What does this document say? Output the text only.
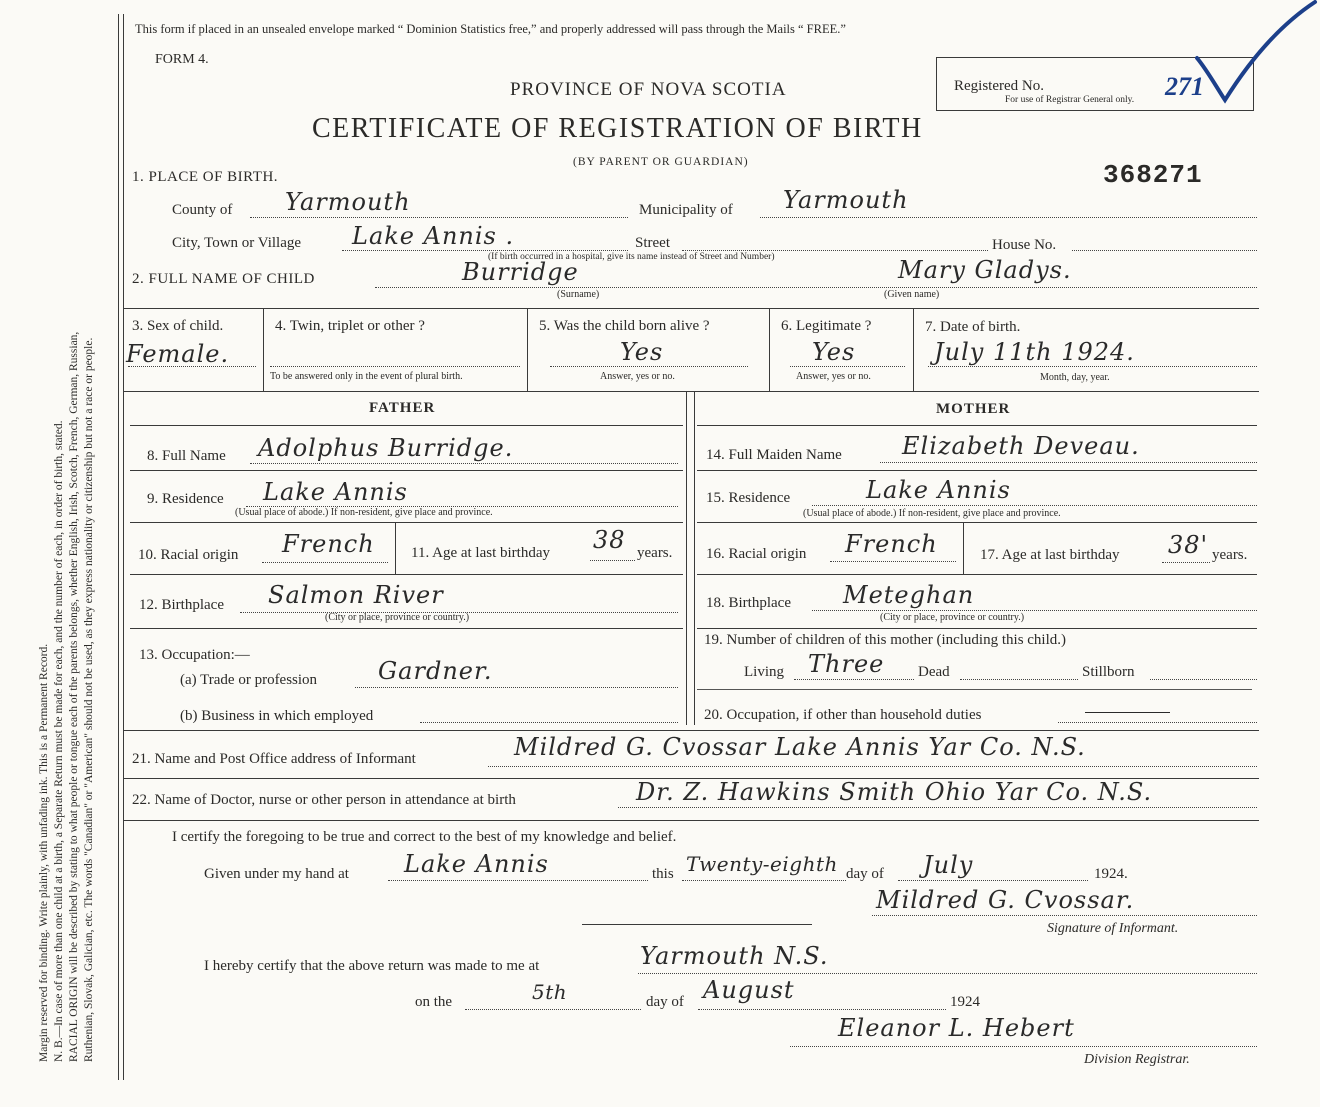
Margin reserved for binding. Write plainly, with unfading ink. This is a Permanent Record. N. B.—In case of more than one child at a birth, a Separate Return must be made for each, and the number of each, in order of birth, stated. RACIAL ORIGIN will be described by stating to what people or tongue each of the parents belongs, whether English, Irish, Scotch, French, German, Russian, Ruthenian, Slovak, Galician, etc. The words "Canadian" or "American" should not be used, as they express nationality or citizenship but not a race or people.
This form if placed in an unsealed envelope marked “ Dominion Statistics free,” and properly addressed will pass through the Mails “ FREE.”
FORM 4.
PROVINCE OF NOVA SCOTIA
CERTIFICATE OF REGISTRATION OF BIRTH
(BY PARENT OR GUARDIAN)
Registered No.
For use of Registrar General only. 271
368271
1. PLACE OF BIRTH.
County of Yarmouth	Municipality of Yarmouth
City, Town or Village Lake Annis .	Street	House No.
(If birth occurred in a hospital, give its name instead of Street and Number)
2. FULL NAME OF CHILD	Burridge
(Surname)
Mary Gladys.
(Given name)
3. Sex of child.
Female.
4. Twin, triplet or other ?
To be answered only in the event of plural birth.
5. Was the child born alive ?
Yes
Answer, yes or no.
6. Legitimate ?
Yes
Answer, yes or no.
7. Date of birth.
July 11th 1924.
Month, day, year.
FATHER	MOTHER
8. Full Name Adolphus Burridge.
9. Residence Lake Annis
(Usual place of abode.) If non-resident, give place and province.
10. Racial origin French 11. Age at last birthday 38 years.
12. Birthplace Salmon River
(City or place, province or country.)
13. Occupation:—
(a) Trade or profession	Gardner.
(b) Business in which employed
14. Full Maiden Name	Elizabeth Deveau.
15. Residence	Lake Annis
(Usual place of abode.) If non-resident, give place and province.
16. Racial origin French	17. Age at last birthday 38' years.
18. Birthplace Meteghan
(City or place, province or country.)
19. Number of children of this mother (including this child.)
Living Three Dead	Stillborn
20. Occupation, if other than household duties
21. Name and Post Office address of Informant	Mildred G. Cvossar Lake Annis Yar Co. N.S.
22. Name of Doctor, nurse or other person in attendance at birth	Dr. Z. Hawkins Smith Ohio Yar Co. N.S.
I certify the foregoing to be true and correct to the best of my knowledge and belief.
Given under my hand at Lake Annis	this Twenty-eighth day of July	1924.
Mildred G. Cvossar.
Signature of Informant.
I hereby certify that the above return was made to me at	Yarmouth N.S.
on the	5th	day of August	1924
Eleanor L. Hebert
Division Registrar.
